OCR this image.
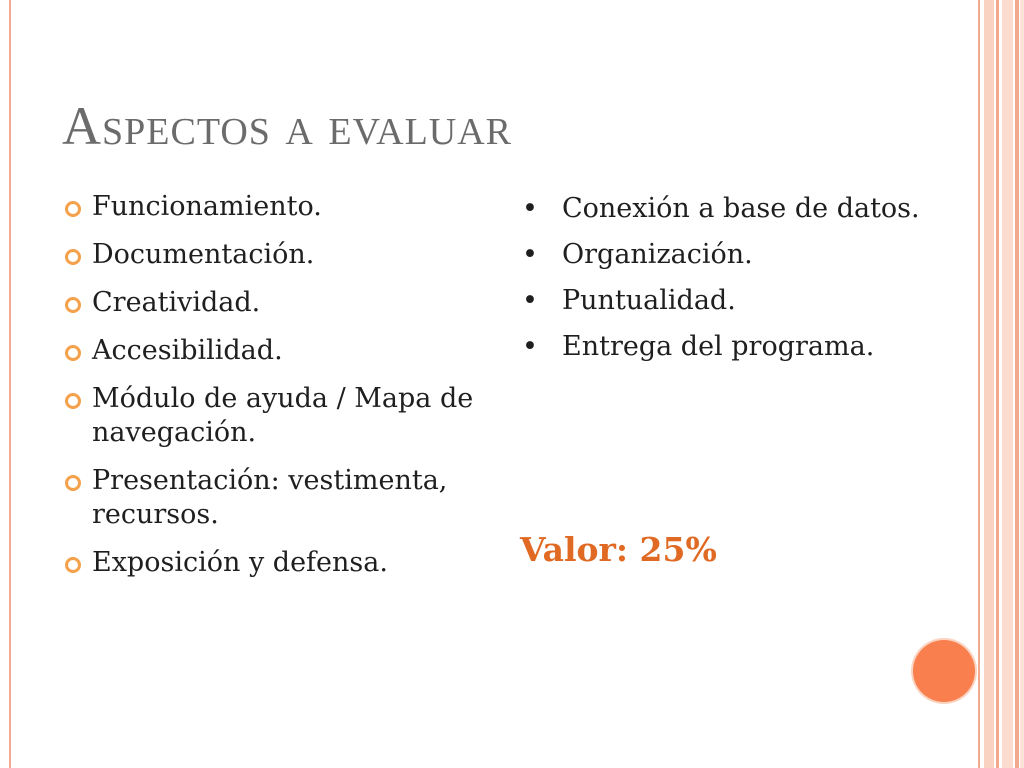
Aspectos a evaluar
Funcionamiento.
Documentación.
Creatividad.
Accesibilidad.
Módulo de ayuda / Mapa de navegación.
Presentación: vestimenta, recursos.
Exposición y defensa.
• Conexión a base de datos.
• Organización.
• Puntualidad.
• Entrega del programa.
Valor: 25%
